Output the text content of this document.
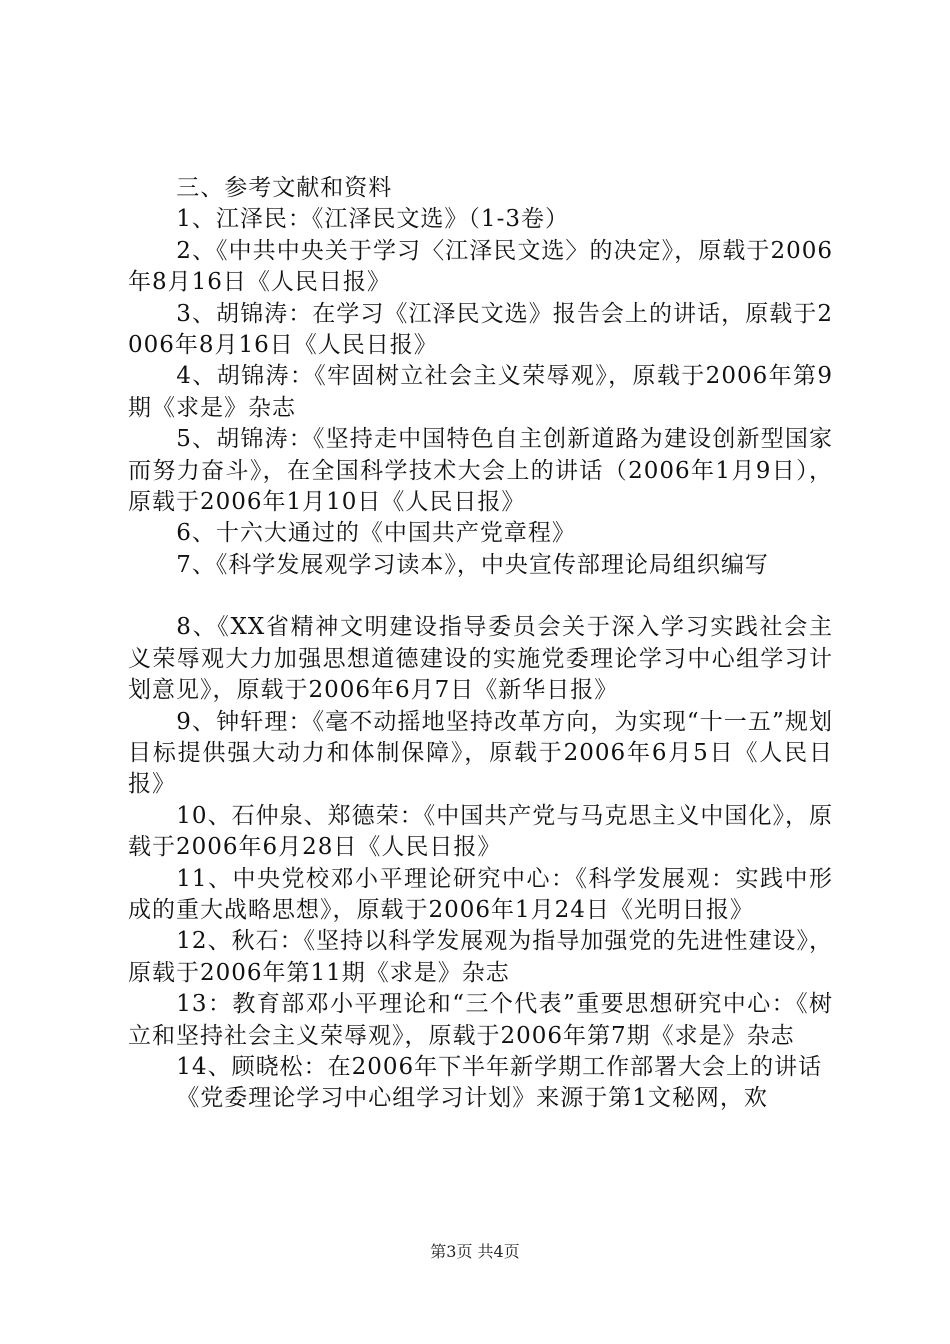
三、参考文献和资料

1、江泽民：《江泽民文选》（1-3卷）

2、《中共中央关于学习〈江泽民文选〉的决定》，原载于2006年8月16日《人民日报》

3、胡锦涛：在学习《江泽民文选》报告会上的讲话，原载于2006年8月16日《人民日报》

4、胡锦涛：《牢固树立社会主义荣辱观》，原载于2006年第9期《求是》杂志

5、胡锦涛：《坚持走中国特色自主创新道路为建设创新型国家而努力奋斗》，在全国科学技术大会上的讲话（2006年1月9日），原载于2006年1月10日《人民日报》

6、十六大通过的《中国共产党章程》

7、《科学发展观学习读本》，中央宣传部理论局组织编写

8、《XX省精神文明建设指导委员会关于深入学习实践社会主义荣辱观大力加强思想道德建设的实施党委理论学习中心组学习计划意见》，原载于2006年6月7日《新华日报》

9、钟轩理：《毫不动摇地坚持改革方向，为实现“十一五”规划目标提供强大动力和体制保障》，原载于2006年6月5日《人民日报》

10、石仲泉、郑德荣：《中国共产党与马克思主义中国化》，原载于2006年6月28日《人民日报》

11、中央党校邓小平理论研究中心：《科学发展观：实践中形成的重大战略思想》，原载于2006年1月24日《光明日报》

12、秋石：《坚持以科学发展观为指导加强党的先进性建设》，原载于2006年第11期《求是》杂志

13：教育部邓小平理论和“三个代表”重要思想研究中心：《树立和坚持社会主义荣辱观》，原载于2006年第7期《求是》杂志

14、顾晓松：在2006年下半年新学期工作部署大会上的讲话

《党委理论学习中心组学习计划》来源于第1文秘网，欢

第3页 共4页
